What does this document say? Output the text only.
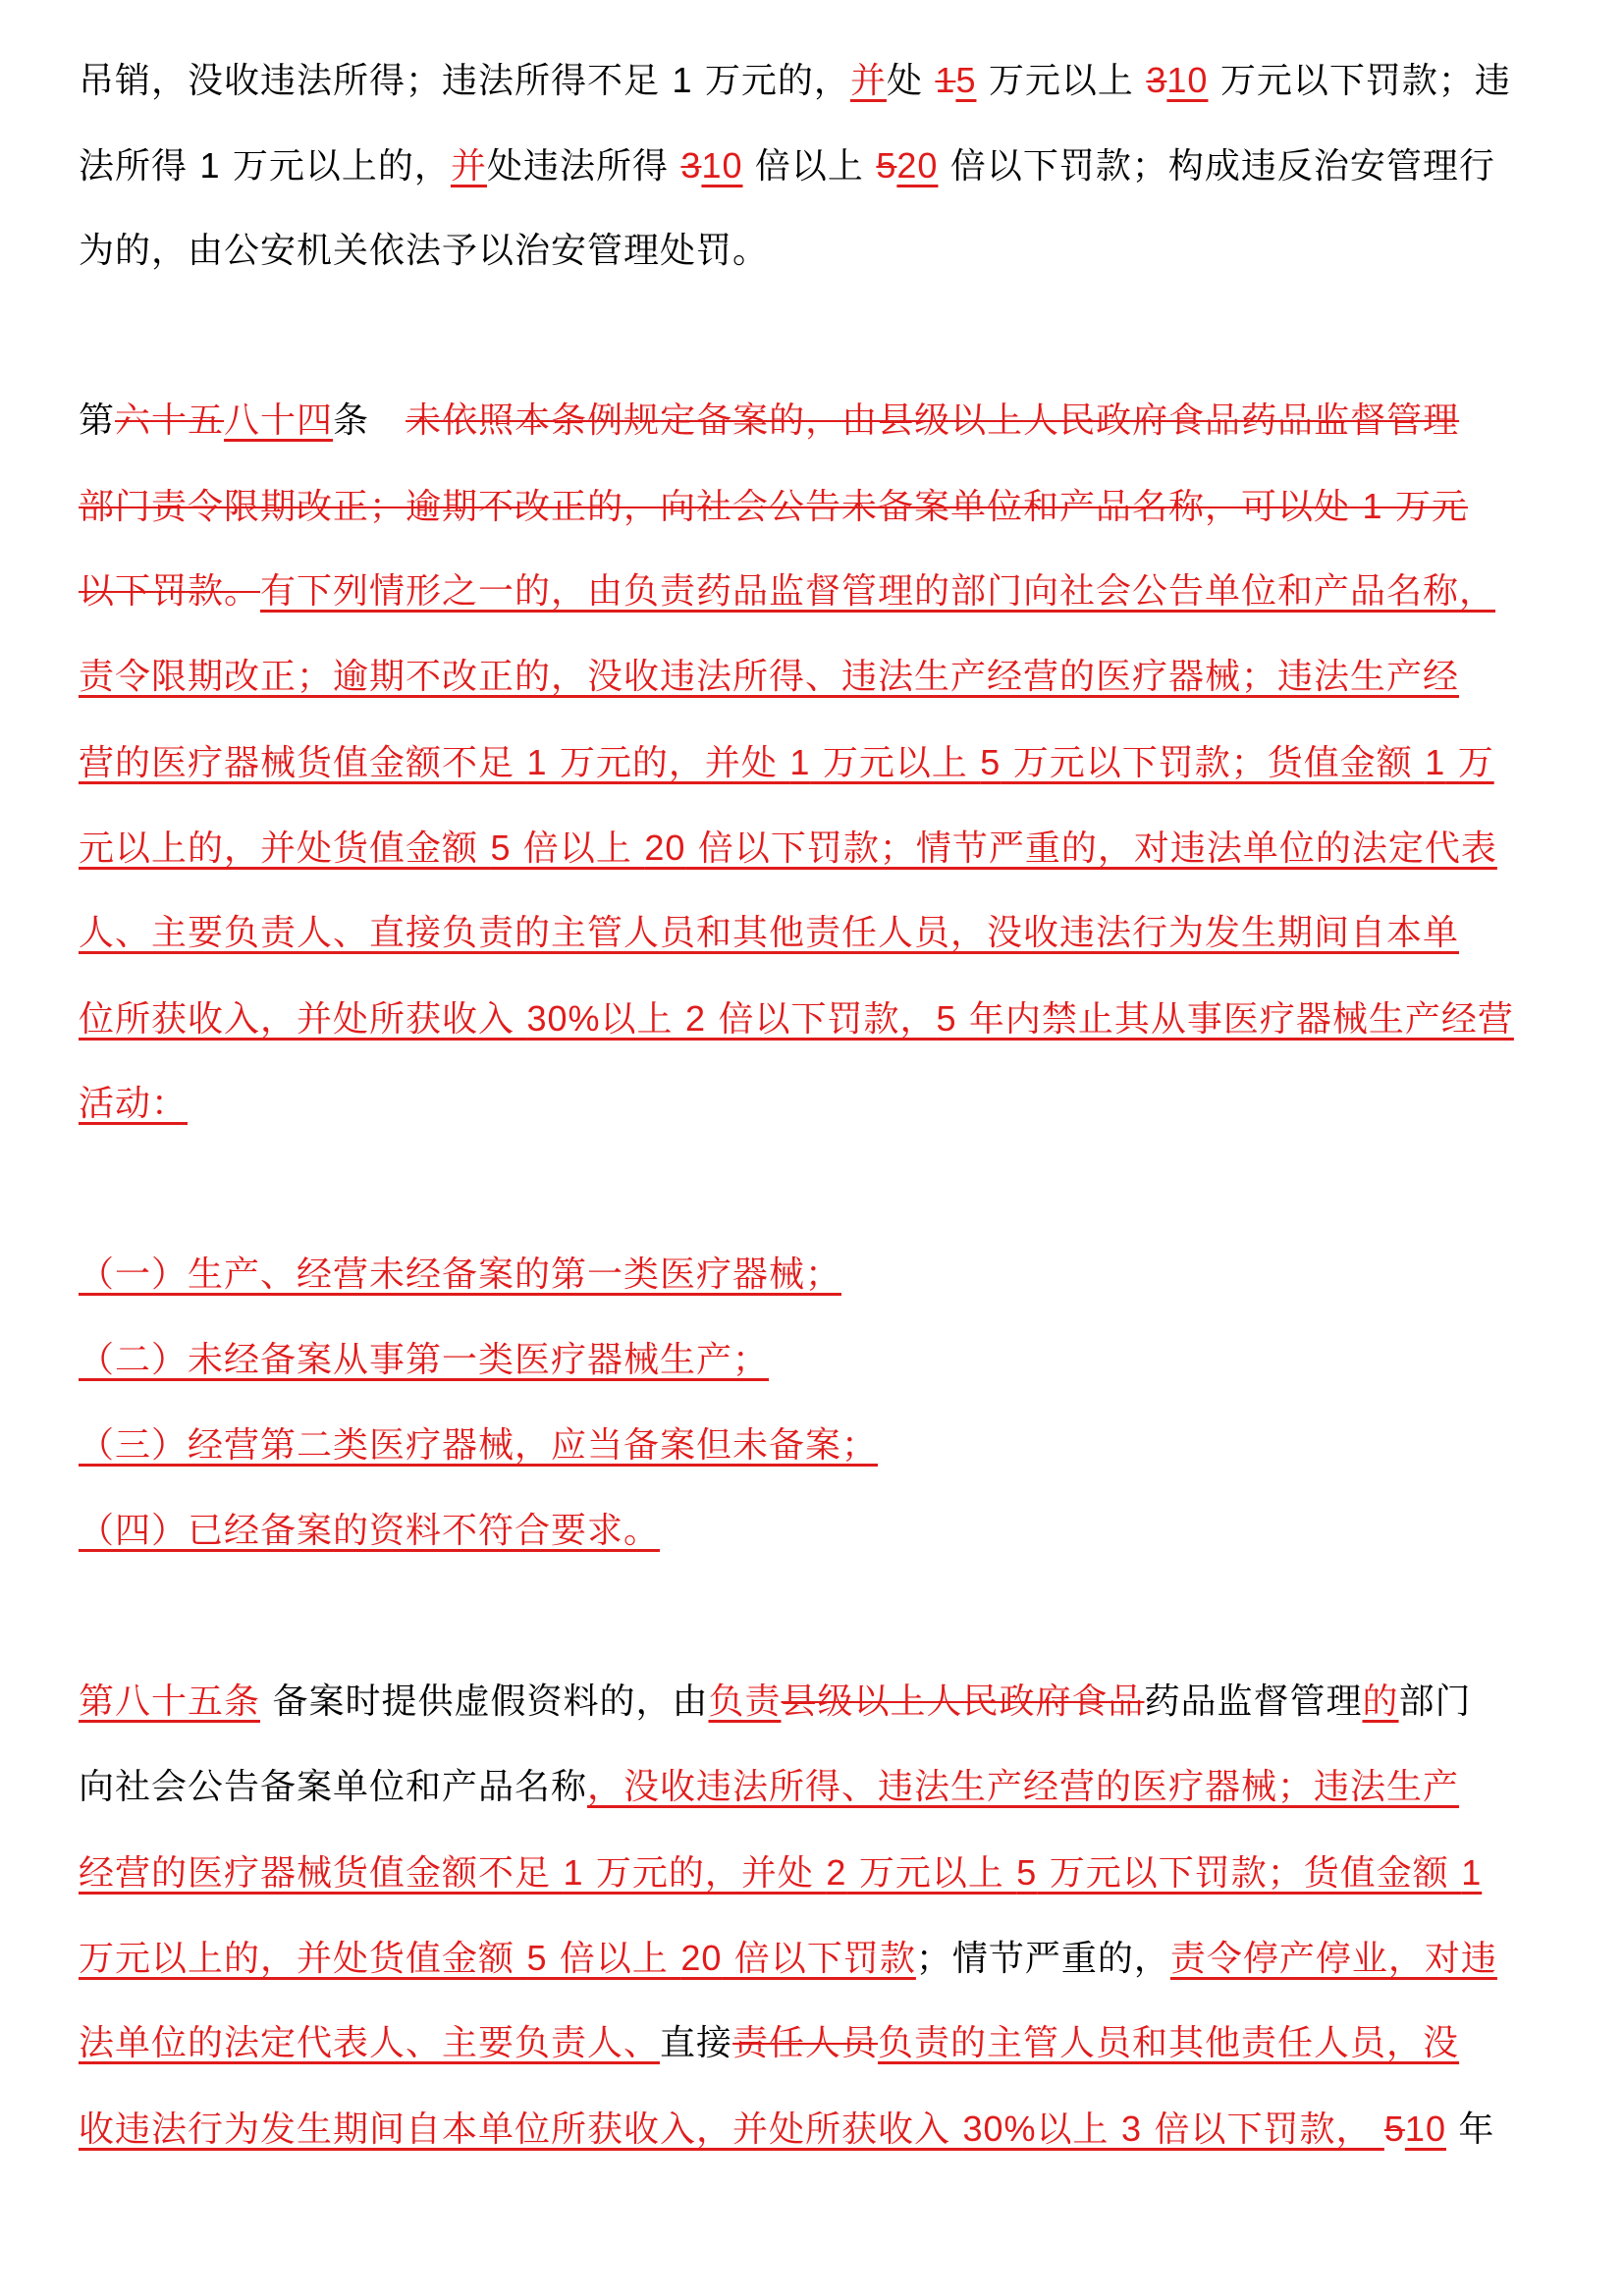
吊销，没收违法所得；违法所得不足 1 万元的，并处 15 万元以上 310 万元以下罚款；违
法所得 1 万元以上的，并处违法所得 310 倍以上 520 倍以下罚款；构成违反治安管理行
为的，由公安机关依法予以治安管理处罚。
第六十五八十四条　未依照本条例规定备案的，由县级以上人民政府食品药品监督管理
部门责令限期改正；逾期不改正的，向社会公告未备案单位和产品名称，可以处 1 万元
以下罚款。有下列情形之一的，由负责药品监督管理的部门向社会公告单位和产品名称，
责令限期改正；逾期不改正的，没收违法所得、违法生产经营的医疗器械；违法生产经
营的医疗器械货值金额不足 1 万元的，并处 1 万元以上 5 万元以下罚款；货值金额 1 万
元以上的，并处货值金额 5 倍以上 20 倍以下罚款；情节严重的，对违法单位的法定代表
人、主要负责人、直接负责的主管人员和其他责任人员，没收违法行为发生期间自本单
位所获收入，并处所获收入 30%以上 2 倍以下罚款，5 年内禁止其从事医疗器械生产经营
活动：
（一）生产、经营未经备案的第一类医疗器械；
（二）未经备案从事第一类医疗器械生产；
（三）经营第二类医疗器械，应当备案但未备案；
（四）已经备案的资料不符合要求。
第八十五条 备案时提供虚假资料的，由负责县级以上人民政府食品药品监督管理的部门
向社会公告备案单位和产品名称，没收违法所得、违法生产经营的医疗器械；违法生产
经营的医疗器械货值金额不足 1 万元的，并处 2 万元以上 5 万元以下罚款；货值金额 1
万元以上的，并处货值金额 5 倍以上 20 倍以下罚款；情节严重的，责令停产停业，对违
法单位的法定代表人、主要负责人、直接责任人员负责的主管人员和其他责任人员，没
收违法行为发生期间自本单位所获收入，并处所获收入 30%以上 3 倍以下罚款， 510 年
